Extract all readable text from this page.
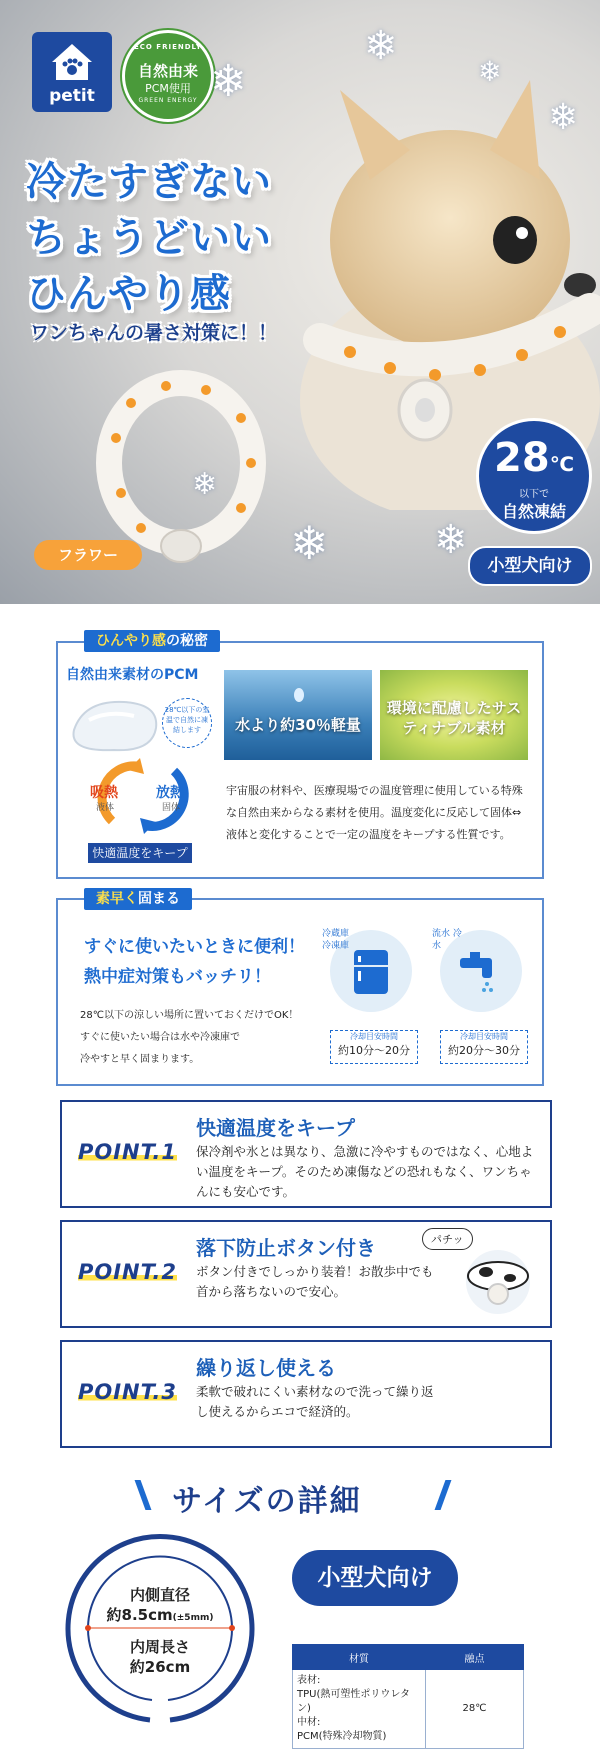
petit
ECO FRIENDLY
自然由来
PCM使用
GREEN ENERGY
冷たすぎない
ちょうどいい
ひんやり感
ワンちゃんの暑さ対策に！！
❄
❄
❄
❄
❄
❄	❄
28℃
以下で
自然凍結
フラワー
小型犬向け
ひんやり感の秘密
自然由来素材のPCM
28℃以下の室温で自然に凍結します
吸熱
液体
放熱
固体
快適温度をキープ
水より約30％軽量
環境に配慮したサスティナブル素材
宇宙服の材料や、医療現場での温度管理に使用している特殊な自然由来からなる素材を使用。温度変化に反応して固体⇔液体と変化することで一定の温度をキープする性質です。
素早く固まる
すぐに使いたいときに便利！
熱中症対策もバッチリ！
28℃以下の涼しい場所に置いておくだけでOK！
すぐに使いたい場合は水や冷凍庫で
冷やすと早く固まります。
冷蔵庫 冷凍庫
冷却目安時間
約10分～20分
流水 冷水
冷却目安時間
約20分～30分
POINT.1
快適温度をキープ
保冷剤や氷とは異なり、急激に冷やすものではなく、心地よい温度をキープ。そのため凍傷などの恐れもなく、ワンちゃんにも安心です。
POINT.2
落下防止ボタン付き
ボタン付きでしっかり装着！お散歩中でも首から落ちないので安心。
パチッ
POINT.3
繰り返し使える
柔軟で破れにくい素材なので洗って繰り返し使えるからエコで経済的。
サイズの詳細
内側直径
約8.5cm(±5mm)
内周長さ
約26cm
小型犬向け
材質	融点

表材:
TPU(熱可塑性ポリウレタン)
中材:
PCM(特殊冷却物質)	28℃
